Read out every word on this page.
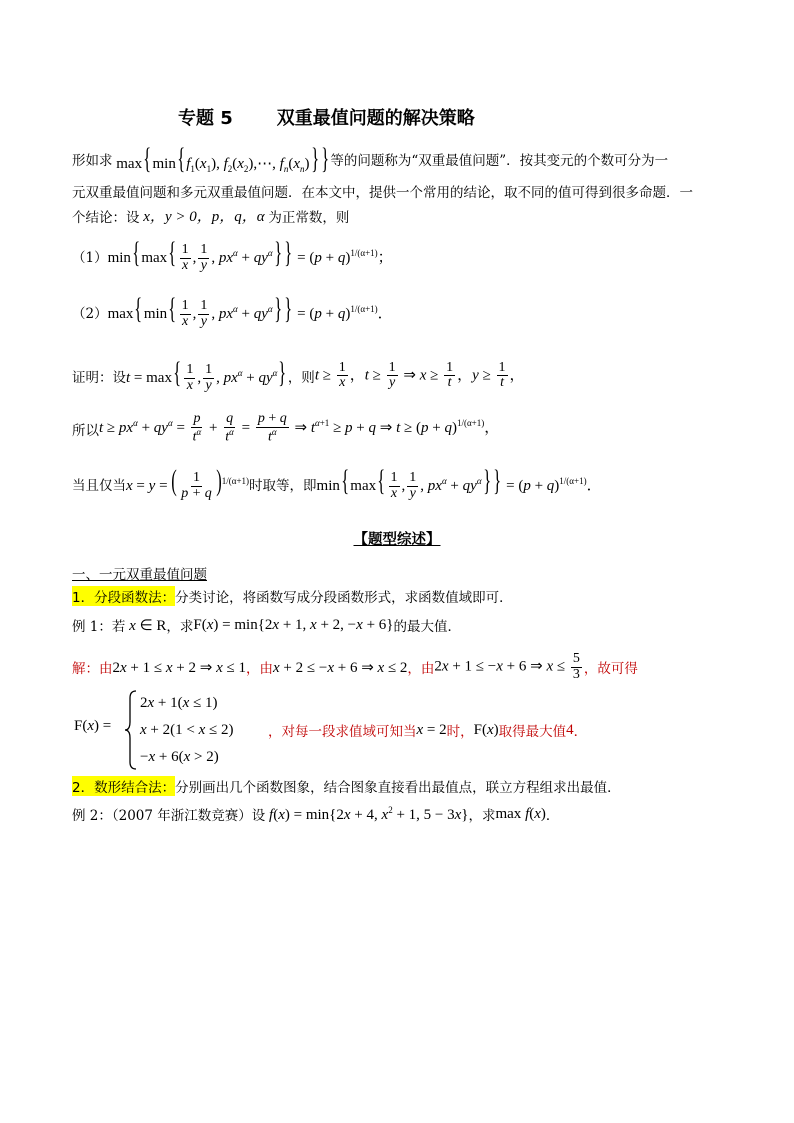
专题 5 双重最值问题的解决策略
形如求 $\max\{\min\{f_1(x_1)$, $f_2(x_2),\cdots$, $f_n(x_n)$}} 等的问题称为“双重最值问题”．按其变元的个数可分为一
元双重最值问题和多元双重最值问题．在本文中，提供一个常用的结论，取不同的值可得到很多命题．一
个结论：设 x，y > 0，p，q，α 为正常数，则
（1） $\min\{\max\{ \frac{1}{x}$ , $\frac{1}{y}$ , $px^\alpha + qy^\alpha\}\} = (p + q)^{1/(\alpha+1)}$；
（2） $\max\{\min\{ \frac{1}{x}$ , $\frac{1}{y}$ , $px^\alpha + qy^\alpha\}\} = (p + q)^{1/(\alpha+1)}$．
证明：设 $t = \max\{ \frac{1}{x}$ , $\frac{1}{y}$ , $px^\alpha + qy^\alpha$} ，则 $t \ge \frac{1}{x}$ ，$t \ge \frac{1}{y}$ ⇒ $x \ge \frac{1}{t}$ ，$y \ge \frac{1}{t}$ ，
所以 $t \ge px^\alpha + qy^\alpha = \frac{p}{t^\alpha} + \frac{q}{t^\alpha} = \frac{p + q}{t^\alpha}$ ⇒ $t^{\alpha+1} \ge p + q$ ⇒ $t \ge (p + q)^{1/(\alpha+1)}$，
当且仅当 x = y = ( $\frac{1}{p + q} )^{1/(\alpha+1)}$ 时取等，即 $\min\{\max\{ \frac{1}{x}$ , $\frac{1}{y}$ , $px^\alpha + qy^\alpha\}\} = (p + q)^{1/(\alpha+1)}$．
【题型综述】
一、一元双重最值问题
1．分段函数法： 分类讨论，将函数写成分段函数形式，求函数值域即可．
例 1：若 x ∈ R ，求 F(x) = min{2x + 1, x + 2, −x + 6} 的最大值．
解： 由 2x + 1 ≤ x + 2 ⇒ x ≤ 1 ，由 x + 2 ≤ −x + 6 ⇒ x ≤ 2 ，由 2x + 1 ≤ −x + 6 ⇒ $x \le \frac{5}{3}$ ，故可得
F(x) =
2x + 1(x ≤ 1)
x + 2(1 < x ≤ 2)
−x + 6(x > 2)
，对每一段求值域可知当 x = 2 时， F(x) 取得最大值 4 ．
2．数形结合法： 分别画出几个函数图象，结合图象直接看出最值点，联立方程组求出最值．
例 2：（2007 年浙江数竞赛）设 f(x) = min{2x + 4, $x^2 + 1$, 5 − 3x} ，求 max f(x) ．
